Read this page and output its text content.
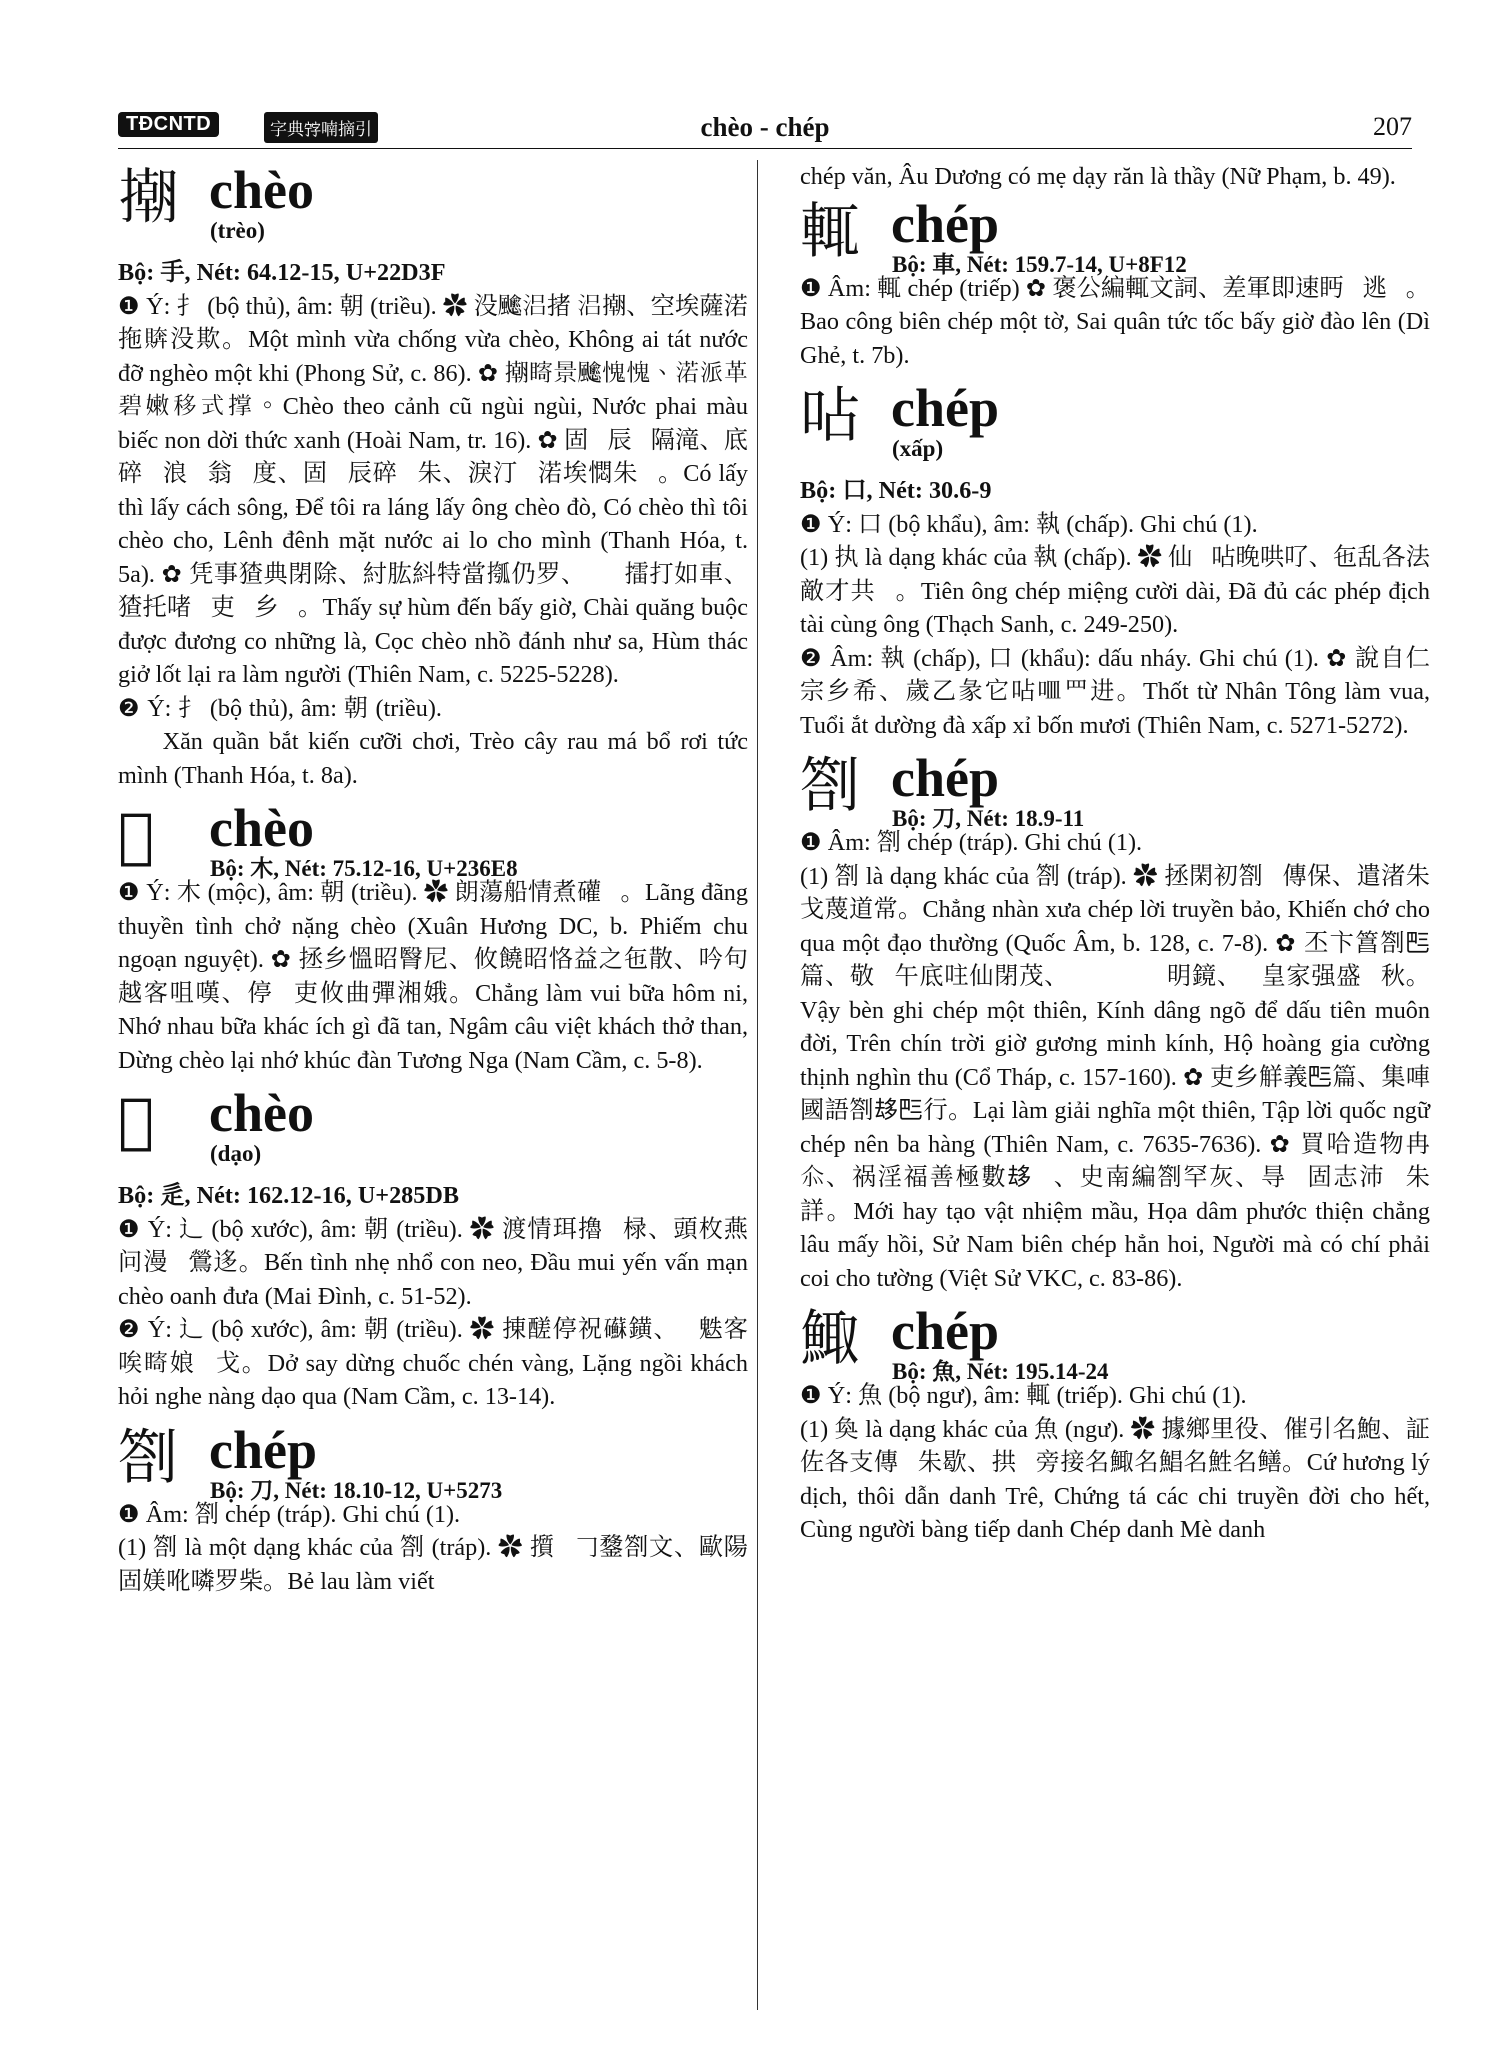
TĐCNTD	字典𡨸喃摘引	chèo - chép	207
𢴿 chèo
(trèo)

Bộ: 手, Nét: 64.12-15, U+22D3F

❶ Ý: 扌 (bộ thủ), âm: 朝 (triều). ✿ 没𩙍𣳮㨋 𣳮𢴿、空埃薩渃拖𧶭没欺。Một mình vừa chống vừa chèo, Không ai tát nước đỡ nghèo một khi (Phong Sử, c. 86). ✿ 𢴿𥊘景𩙍愧愧、渃派革碧嫩移式撑。Chèo theo cảnh cũ ngùi ngùi, Nước phai màu biếc non dời thức xanh (Hoài Nam, tr. 16). ✿ 固𥙩辰𥙩隔滝、底碎𦋦浪𥙩翁𢴿度、固𢴿辰碎𢴿朱、淚汀𩈘渃埃㦖朱𨉟。Có lấy thì lấy cách sông, Để tôi ra láng lấy ông chèo đò, Có chèo thì tôi chèo cho, Lênh đênh mặt nước ai lo cho mình (Thanh Hóa, t. 5a). ✿ 凭事猹典閉除、紂肱紏特當摦仍罗、𢹣𢴿擂打如車、猹托啫𤞺吏𣈜乡𫢩。Thấy sự hùm đến bấy giờ, Chài quăng buộc được đương co những là, Cọc chèo nhồ đánh như sa, Hùm thác giở lốt lại ra làm người (Thiên Nam, c. 5225-5228).

❷ Ý: 扌 (bộ thủ), âm: 朝 (triều). ✿ 𧼋裙扒蜆騎制、𢴿椂萎馬補移即𨉟。Xăn quần bắt kiến cưỡi chơi, Trèo cây rau má bổ rơi tức mình (Thanh Hóa, t. 8a).

𣛨 chèo
Bộ: 木, Nét: 75.12-16, U+236E8

❶ Ý: 木 (mộc), âm: 朝 (triều). ✿ 朗蕩船情煮礶𣛨。Lãng đãng thuyền tình chở nặng chèo (Xuân Hương DC, b. Phiếm chu ngoạn nguyệt). ✿ 拯乡慍昭㬾尼、攸饒昭恪益之㐌散、吟句越客咀嘆、停𣛨吏攸曲彈湘娥。Chẳng làm vui bữa hôm ni, Nhớ nhau bữa khác ích gì đã tan, Ngâm câu việt khách thở than, Dừng chèo lại nhớ khúc đàn Tương Nga (Nam Cầm, c. 5-8).

𨖨 chèo
(dạo)

Bộ: 辵, Nét: 162.12-16, U+285DB

❶ Ý: 辶 (bộ xước), âm: 朝 (triều). ✿ 渡情珥擼𣛨椂、頭枚燕问漫𨖨鶯迻。Bến tình nhẹ nhổ con neo, Đầu mui yến vấn mạn chèo oanh đưa (Mai Đình, c. 51-52).

❷ Ý: 辶 (bộ xước), âm: 朝 (triều). ✿ 㨂醝停祝𥗹鐄、𣹕䰡客唉𥊘娘𨖨戈。Dở say dừng chuốc chén vàng, Lặng ngồi khách hỏi nghe nàng dạo qua (Nam Cầm, c. 13-14).

劄 chép
Bộ: 刀, Nét: 18.10-12, U+5273

❶ Âm: 劄 chép (tráp). Ghi chú (1).

(1) 劄 là một dạng khác của 劄 (tráp). ✿ 㩫𦲿𠃌䥐劄文、歐陽固媄吪噒罗柴。Bẻ lau làm viết

chép văn, Âu Dương có mẹ dạy răn là thầy (Nữ Phạm, b. 49).

輒 chép
Bộ: 車, Nét: 159.7-14, U+8F12

❶ Âm: 輒 chép (triếp) ✿ 褒公編輒文詞、差軍即速眄𢵻逃𨑗。Bao công biên chép một tờ, Sai quân tức tốc bấy giờ đào lên (Dì Ghẻ, t. 7b).

呫 chép
(xấp)

Bộ: 口, Nét: 30.6-9

❶ Ý: 口 (bộ khẩu), âm: 執 (chấp). Ghi chú (1).

(1) 执 là dạng khác của 執 (chấp). ✿ 仙𠸠呫晚哄𠮩、㐌乱各法敵才共𠸠。Tiên ông chép miệng cười dài, Đã đủ các phép địch tài cùng ông (Thạch Sanh, c. 249-250).

❷ Âm: 執 (chấp), 口 (khẩu): dấu nháy. Ghi chú (1). ✿ 說自仁宗乡希、歲乙彖它呫𠰘罒进。Thốt từ Nhân Tông làm vua, Tuổi ắt dường đà xấp xỉ bốn mươi (Thiên Nam, c. 5271-5272).

劄 chép
Bộ: 刀, Nét: 18.9-11

❶ Âm: 劄 chép (tráp). Ghi chú (1).

(1) 劄 là dạng khác của 劄 (tráp). ✿ 拯閑初劄𠁀傳保、遣渚朱戈蔑道常。Chẳng nhàn xưa chép lời truyền bảo, Khiến chớ cho qua một đạo thường (Quốc Âm, b. 128, c. 7-8). ✿ 丕卞䈞劄𠀧篇、敬𤼸午底𠰍仙閉茂、𠁀𠃣𡗶𠇍𦎛明鏡、𥙩皇家强盛𠦳秋。Vậy bèn ghi chép một thiên, Kính dâng ngõ để dấu tiên muôn đời, Trên chín trời giờ gương minh kính, Hộ hoàng gia cường thịnh nghìn thu (Cổ Tháp, c. 157-160). ✿ 吏乡觧義𠀧篇、集唓國語劄𠫾𠀧行。Lại làm giải nghĩa một thiên, Tập lời quốc ngữ chép nên ba hàng (Thiên Nam, c. 7635-7636). ✿ 買哈造物冉𠇍、祸淫福善極數𠫾𠁀、史南編劄罕灰、㝵𤃠固志沛𥉫朱詳。Mới hay tạo vật nhiệm mầu, Họa dâm phước thiện chẳng lâu mấy hồi, Sử Nam biên chép hẳn hoi, Người mà có chí phải coi cho tường (Việt Sử VKC, c. 83-86).

鯫 chép
Bộ: 魚, Nét: 195.14-24

❶ Ý: 魚 (bộ ngư), âm: 輒 (triếp). Ghi chú (1).

(1) 奐 là dạng khác của 魚 (ngư). ✿ 據鄉里役、催引名鮑、証佐各支傳𠁀朱歇、拱𠬠旁接名鯫名鯧名鮏名鳝。Cứ hương lý dịch, thôi dẫn danh Trê, Chứng tá các chi truyền đời cho hết, Cùng người bàng tiếp danh Chép danh Mè danh
